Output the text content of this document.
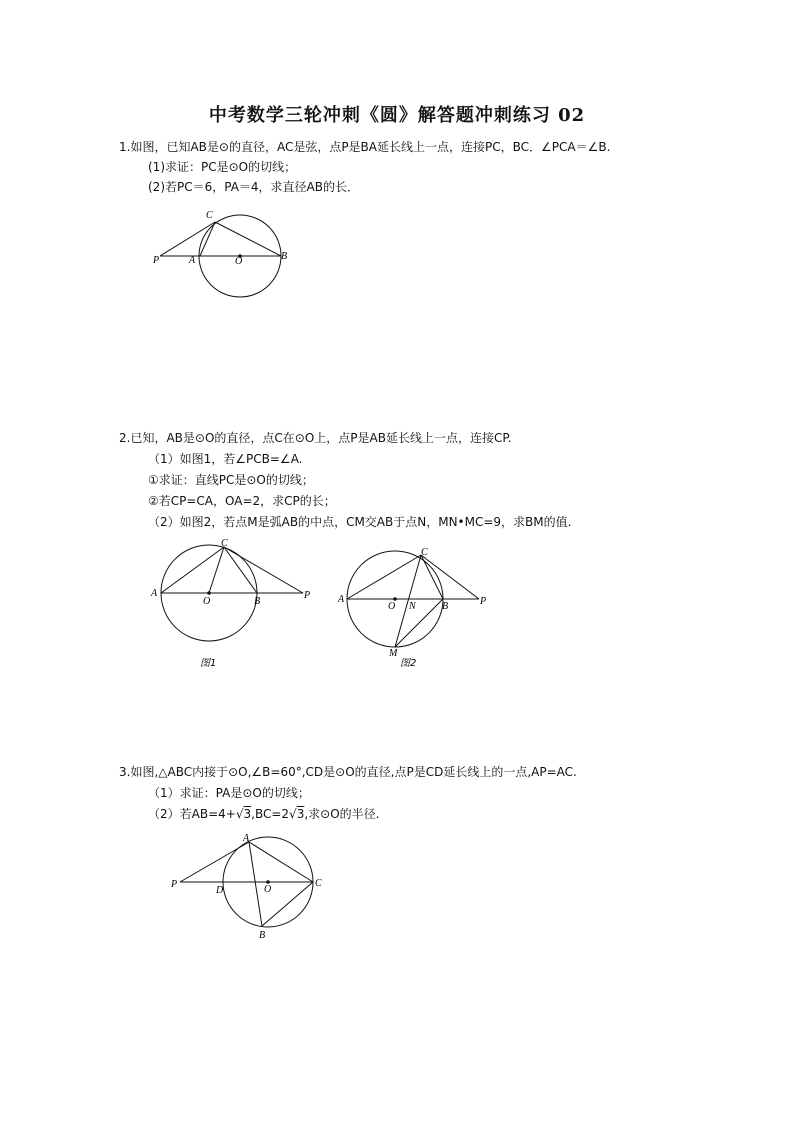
中考数学三轮冲刺《圆》解答题冲刺练习 02
1.如图，已知AB是⊙的直径，AC是弦，点P是BA延长线上一点，连接PC，BC．∠PCA＝∠B.
(1)求证：PC是⊙O的切线；
(2)若PC＝6，PA＝4，求直径AB的长．
C
P	A	O	B
2.已知，AB是⊙O的直径，点C在⊙O上，点P是AB延长线上一点，连接CP.
（1）如图1，若∠PCB=∠A.
①求证：直线PC是⊙O的切线；
②若CP=CA，OA=2，求CP的长；
（2）如图2，若点M是弧AB的中点，CM交AB于点N，MN•MC=9，求BM的值.
A
O	B
C
P
图1
A
O N	B
C
P
M
图2
3.如图,△ABC内接于⊙O,∠B=60°,CD是⊙O的直径,点P是CD延长线上的一点,AP=AC.
（1）求证：PA是⊙O的切线；
（2）若AB=4+√3,BC=2√3,求⊙O的半径.
A
P
D	O
C
B
